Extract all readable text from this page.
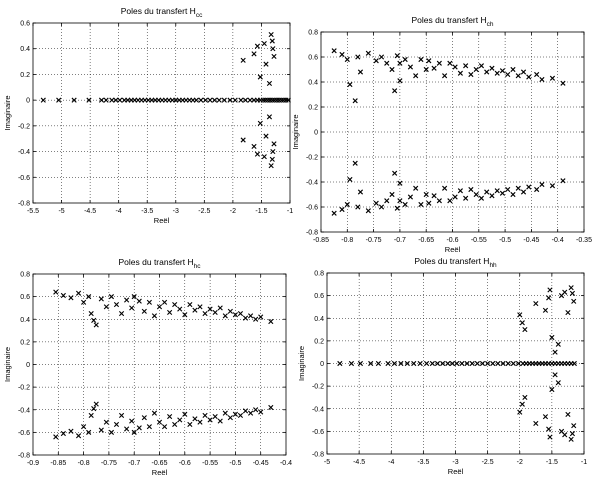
-5.5	-5	-4.5	-4	-3.5	-3	-2.5	-2	-1.5	-1
-0.8
-0.6
-0.4
-0.2
0
0.2
0.4
0.6
Poles du transfert $H_{cc}$
Reël
Imaginaire
-0.85 -0.8 -0.75 -0.7 -0.65 -0.6 -0.55 -0.5 -0.45 -0.4 -0.35
-0.8
-0.6
-0.4
-0.2
0
0.2
0.4
0.6
0.8
Poles du transfert $H_{ch}$
Reël
Imaginaire
-0.9 -0.85 -0.8 -0.75 -0.7 -0.65 -0.6 -0.55 -0.5 -0.45 -0.4
-0.8
-0.6
-0.4
-0.2
0
0.2
0.4
0.6
0.8
Poles du transfert $H_{hc}$
Reël
Imaginaire
-5	-4.5	-4	-3.5	-3	-2.5	-2	-1.5	-1
-0.8
-0.6
-0.4
-0.2
0
0.2
0.4
0.6
0.8
Poles du transfert $H_{hh}$
Reël
Imaginaire
